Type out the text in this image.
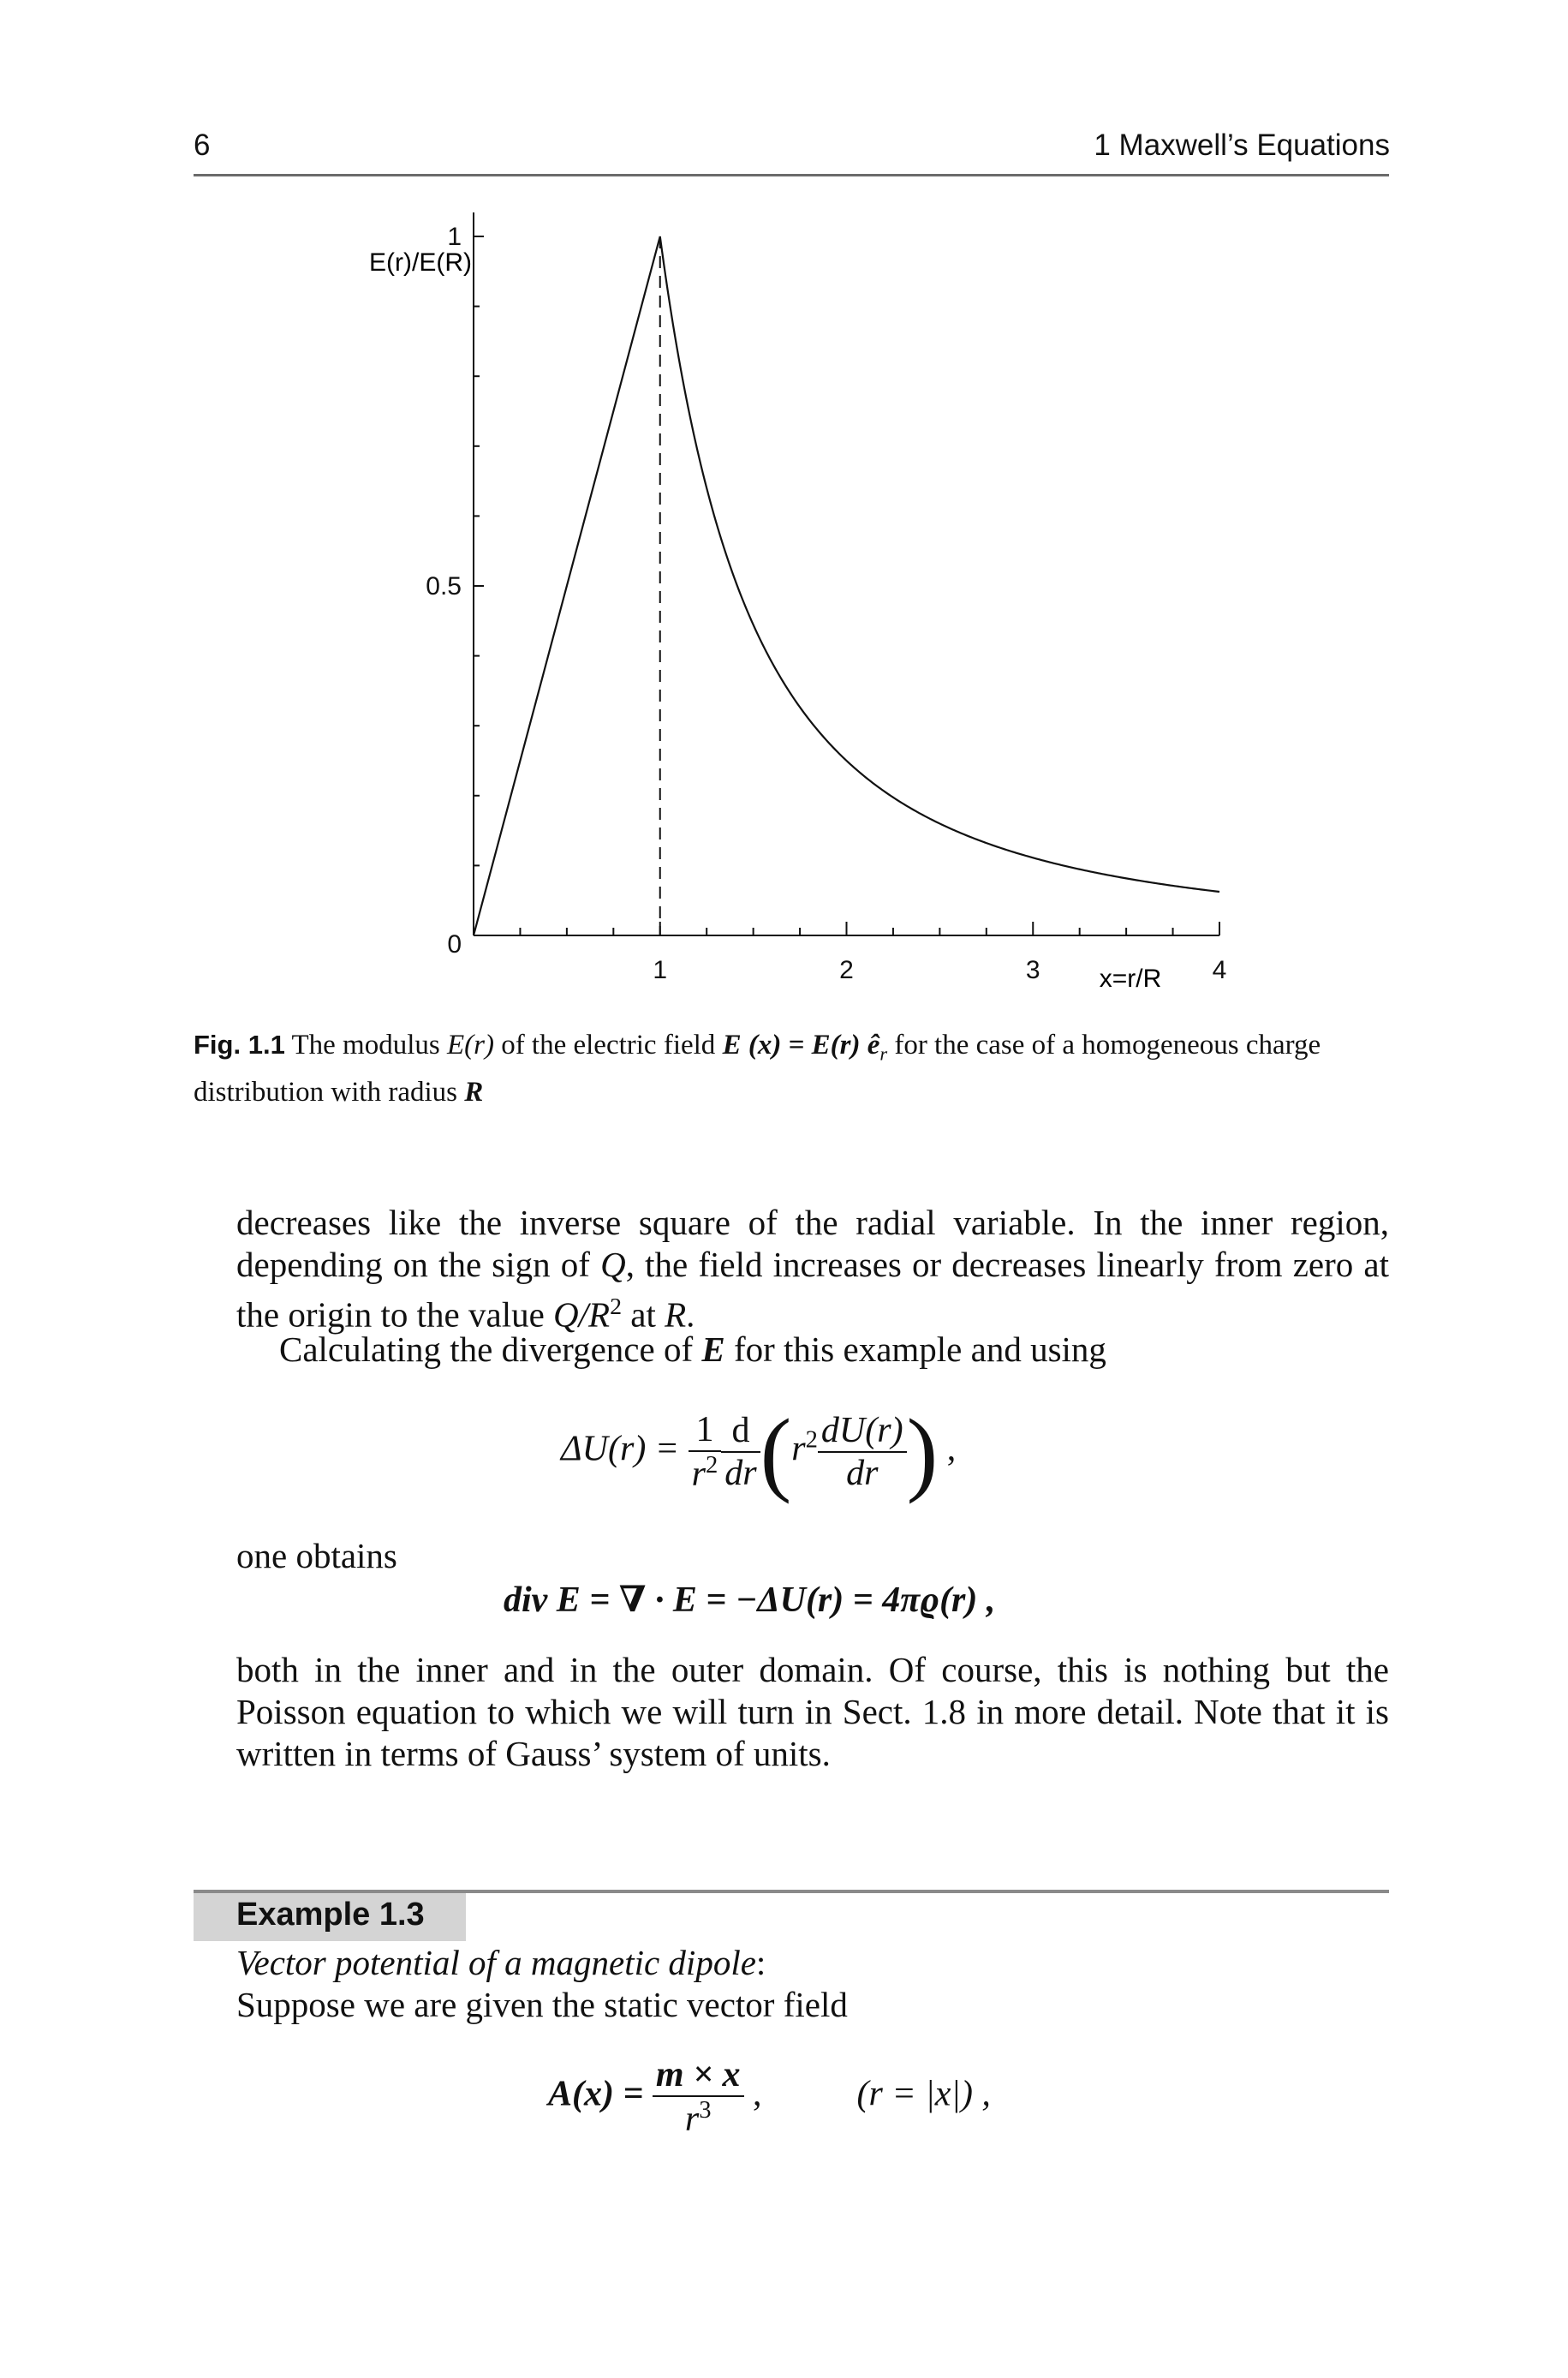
6	1 Maxwell’s Equations
1	2	3	4
0
0.5
1
E(r)/E(R)
x=r/R
Fig. 1.1 The modulus E(r) of the electric field E (x) = E(r) $ê_r$ for the case of a homogeneous charge distribution with radius R
decreases like the inverse square of the radial variable. In the inner region, depending on the sign of Q, the field increases or decreases linearly from zero at the origin to the value $Q/R^2$ at R.
Calculating the divergence of E for this example and using
$\Delta U(r) = \frac{1}{r^2} \frac{d}{dr} (r^2 \frac{dU(r)}{dr}$ ) ,
one obtains
div E = ∇ · E = −ΔU(r) = 4πϱ(r) ,
both in the inner and in the outer domain. Of course, this is nothing but the Poisson equation to which we will turn in Sect. 1.8 in more detail. Note that it is written in terms of Gauss’ system of units.
Example 1.3
Vector potential of a magnetic dipole:
Suppose we are given the static vector field
$A(x) = \frac{m \times x}{r^3}$ ,	(r = |x|) ,
